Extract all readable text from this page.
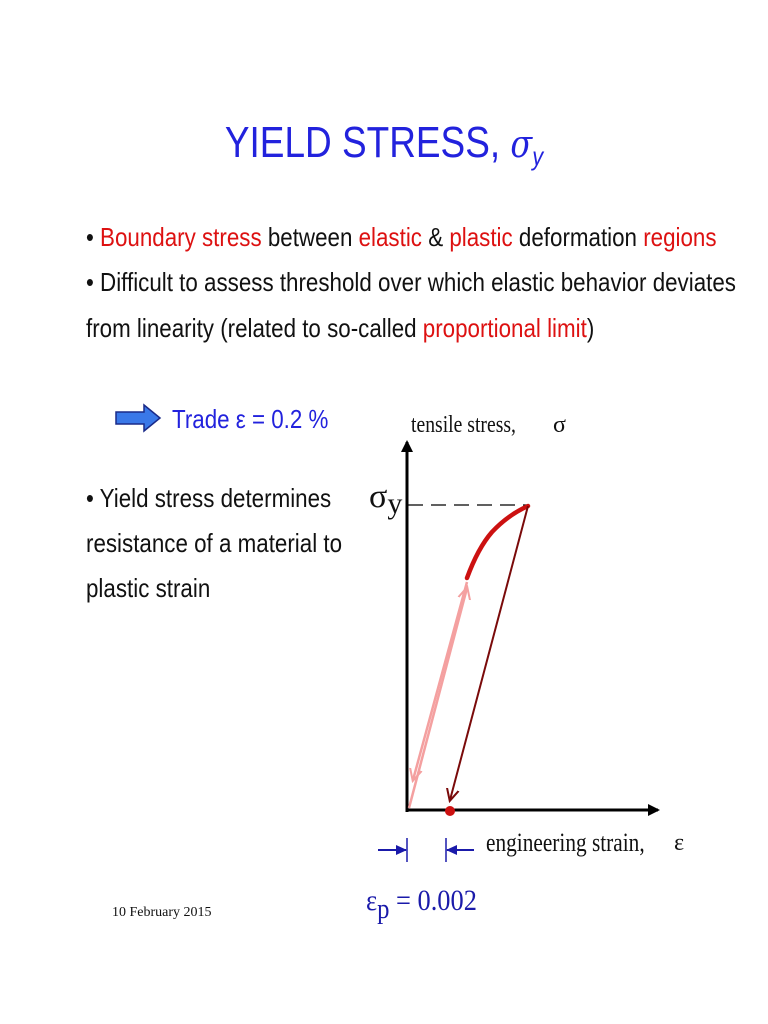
YIELD STRESS, $\sigma_y$
• Boundary stress between elastic & plastic deformation regions
• Difficult to assess threshold over which elastic behavior deviates
from linearity (related to so-called proportional limit)
Trade ε = 0.2 %
• Yield stress determines
resistance of a material to
plastic strain
tensile stress, σ
σy
engineering strain, ε
εp = 0.002
10 February 2015
